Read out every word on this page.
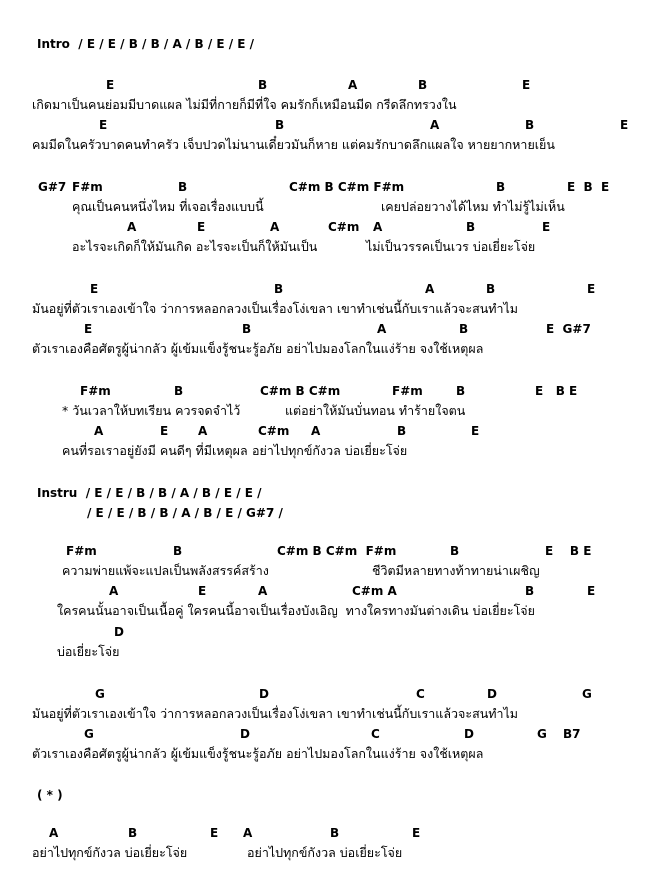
Intro  / E / E / B / B / A / B / E / E /
E	B	A	B	E
เกิดมาเป็นคนย่อมมีบาดแผล ไม่มีที่กายก็มีที่ใจ คมรักก็เหมือนมีด กรีดลึกทรวงใน
E	B	A	B	E
คมมีดในครัวบาดคนทำครัว เจ็บปวดไม่นานเดี๋ยวมันก็หาย แต่คมรักบาดลึกแผลใจ หายยากหายเย็น
G#7 F#m	B	C#m B C#m F#m	B	E  B  E
คุณเป็นคนหนึ่งไหม ที่เจอเรื่องแบบนี้	เคยปล่อยวางได้ไหม ทำไม่รู้ไม่เห็น
A	E	A	C#m A	B	E
อะไรจะเกิดก็ให้มันเกิด อะไรจะเป็นก็ให้มันเป็น	ไม่เป็นวรรคเป็นเวร บ่อเยี่ยะโจ่ย
E	B	A	B	E
มันอยู่ที่ตัวเราเองเข้าใจ ว่าการหลอกลวงเป็นเรื่องโง่เขลา เขาทำเช่นนี้กับเราแล้วจะสนทำไม
E	B	A	B	E  G#7
ตัวเราเองคือศัตรูผู้น่ากลัว ผู้เข้มแข็งรู้ชนะรู้อภัย อย่าไปมองโลกในแง่ร้าย จงใช้เหตุผล
F#m	B	C#m B C#m	F#m	B	E   B E
* วันเวลาให้บทเรียน ควรจดจำไว้	แต่อย่าให้มันบั่นทอน ทำร้ายใจตน
A	E A	C#m A	B	E
คนที่รอเราอยู่ยังมี คนดีๆ ที่มีเหตุผล อย่าไปทุกข์กังวล บ่อเยี่ยะโจ่ย
Instru  / E / E / B / B / A / B / E / E /
/ E / E / B / B / A / B / E / G#7 /
F#m	B	C#m B C#m  F#m	B	E    B E
ความพ่ายแพ้จะแปลเป็นพลังสรรค์สร้าง	ชีวิตมีหลายทางท้าทายน่าเผชิญ
A	E	A	C#m A	B	E
ใครคนนั้นอาจเป็นเนื้อคู่ ใครคนนี้อาจเป็นเรื่องบังเอิญ  ทางใครทางมันต่างเดิน บ่อเยี่ยะโจ่ย
D
บ่อเยี่ยะโจ่ย
G	D	C	D	G
มันอยู่ที่ตัวเราเองเข้าใจ ว่าการหลอกลวงเป็นเรื่องโง่เขลา เขาทำเช่นนี้กับเราแล้วจะสนทำไม
G	D	C	D	G B7
ตัวเราเองคือศัตรูผู้น่ากลัว ผู้เข้มแข็งรู้ชนะรู้อภัย อย่าไปมองโลกในแง่ร้าย จงใช้เหตุผล
( * )
A	B	E A	B	E
อย่าไปทุกข์กังวล บ่อเยี่ยะโจ่ย	อย่าไปทุกข์กังวล บ่อเยี่ยะโจ่ย
